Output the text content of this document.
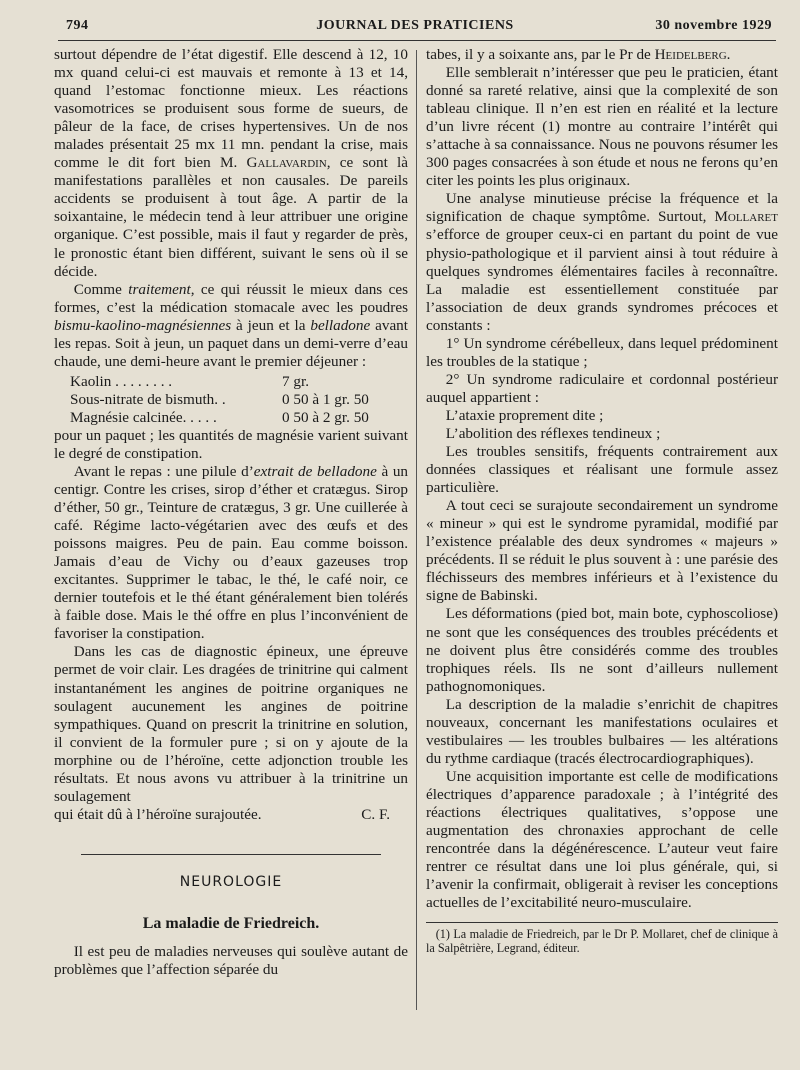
794	JOURNAL DES PRATICIENS	30 novembre 1929

surtout dépendre de l’état digestif. Elle descend à 12, 10 mx quand celui-ci est mauvais et remonte à 13 et 14, quand l’estomac fonctionne mieux. Les réactions vasomotrices se produisent sous forme de sueurs, de pâleur de la face, de crises hypertensives. Un de nos malades présentait 25 mx 11 mn. pendant la crise, mais comme le dit fort bien M. Gallavardin, ce sont là manifestations parallèles et non causales. De pareils accidents se produisent à tout âge. A partir de la soixantaine, le médecin tend à leur attribuer une origine organique. C’est possible, mais il faut y regarder de près, le pronostic étant bien différent, suivant le sens où il se décide.

Comme traitement, ce qui réussit le mieux dans ces formes, c’est la médication stomacale avec les poudres bismu-kaolino-magnésiennes à jeun et la belladone avant les repas. Soit à jeun, un paquet dans un demi-verre d’eau chaude, une demi-heure avant le premier déjeuner :

Kaolin . . . . . . . .	7 gr.
Sous-nitrate de bismuth. .	0 50 à 1 gr. 50
Magnésie calcinée. . . . .	0 50 à 2 gr. 50

pour un paquet ; les quantités de magnésie varient suivant le degré de constipation.

Avant le repas : une pilule d’extrait de belladone à un centigr. Contre les crises, sirop d’éther et cratægus. Sirop d’éther, 50 gr., Teinture de cratægus, 3 gr. Une cuillerée à café. Régime lacto-végétarien avec des œufs et des poissons maigres. Peu de pain. Eau comme boisson. Jamais d’eau de Vichy ou d’eaux gazeuses trop excitantes. Supprimer le tabac, le thé, le café noir, ce dernier toutefois et le thé étant généralement bien tolérés à faible dose. Mais le thé offre en plus l’inconvénient de favoriser la constipation.

Dans les cas de diagnostic épineux, une épreuve permet de voir clair. Les dragées de trinitrine qui calment instantanément les angines de poitrine organiques ne soulagent aucunement les angines de poitrine sympathiques. Quand on prescrit la trinitrine en solution, il convient de la formuler pure ; si on y ajoute de la morphine ou de l’héroïne, cette adjonction trouble les résultats. Et nous avons vu attribuer à la trinitrine un soulagement

qui était dû à l’héroïne surajoutée.	C. F.
NEUROLOGIE
La maladie de Friedreich.

Il est peu de maladies nerveuses qui soulève autant de problèmes que l’affection séparée du

tabes, il y a soixante ans, par le Pr de Heidelberg.

Elle semblerait n’intéresser que peu le praticien, étant donné sa rareté relative, ainsi que la complexité de son tableau clinique. Il n’en est rien en réalité et la lecture d’un livre récent (1) montre au contraire l’intérêt qui s’attache à sa connaissance. Nous ne pouvons résumer les 300 pages consacrées à son étude et nous ne ferons qu’en citer les points les plus originaux.

Une analyse minutieuse précise la fréquence et la signification de chaque symptôme. Surtout, Mollaret s’efforce de grouper ceux-ci en partant du point de vue physio-pathologique et il parvient ainsi à tout réduire à quelques syndromes élémentaires faciles à reconnaître. La maladie est essentiellement constituée par l’association de deux grands syndromes précoces et constants :

1° Un syndrome cérébelleux, dans lequel prédominent les troubles de la statique ;

2° Un syndrome radiculaire et cordonnal postérieur auquel appartient :

L’ataxie proprement dite ;

L’abolition des réflexes tendineux ;

Les troubles sensitifs, fréquents contrairement aux données classiques et réalisant une formule assez particulière.

A tout ceci se surajoute secondairement un syndrome « mineur » qui est le syndrome pyramidal, modifié par l’existence préalable des deux syndromes « majeurs » précédents. Il se réduit le plus souvent à : une parésie des fléchisseurs des membres inférieurs et à l’existence du signe de Babinski.

Les déformations (pied bot, main bote, cyphoscoliose) ne sont que les conséquences des troubles précédents et ne doivent plus être considérés comme des troubles trophiques réels. Ils ne sont d’ailleurs nullement pathognomoniques.

La description de la maladie s’enrichit de chapitres nouveaux, concernant les manifestations oculaires et vestibulaires — les troubles bulbaires — les altérations du rythme cardiaque (tracés électrocardiographiques).

Une acquisition importante est celle de modifications électriques d’apparence paradoxale ; à l’intégrité des réactions électriques qualitatives, s’oppose une augmentation des chronaxies approchant de celle rencontrée dans la dégénérescence. L’auteur veut faire rentrer ce résultat dans une loi plus générale, qui, si l’avenir la confirmait, obligerait à reviser les conceptions actuelles de l’excitabilité neuro-musculaire.

(1) La maladie de Friedreich, par le Dr P. Mollaret, chef de clinique à la Salpêtrière, Legrand, éditeur.
